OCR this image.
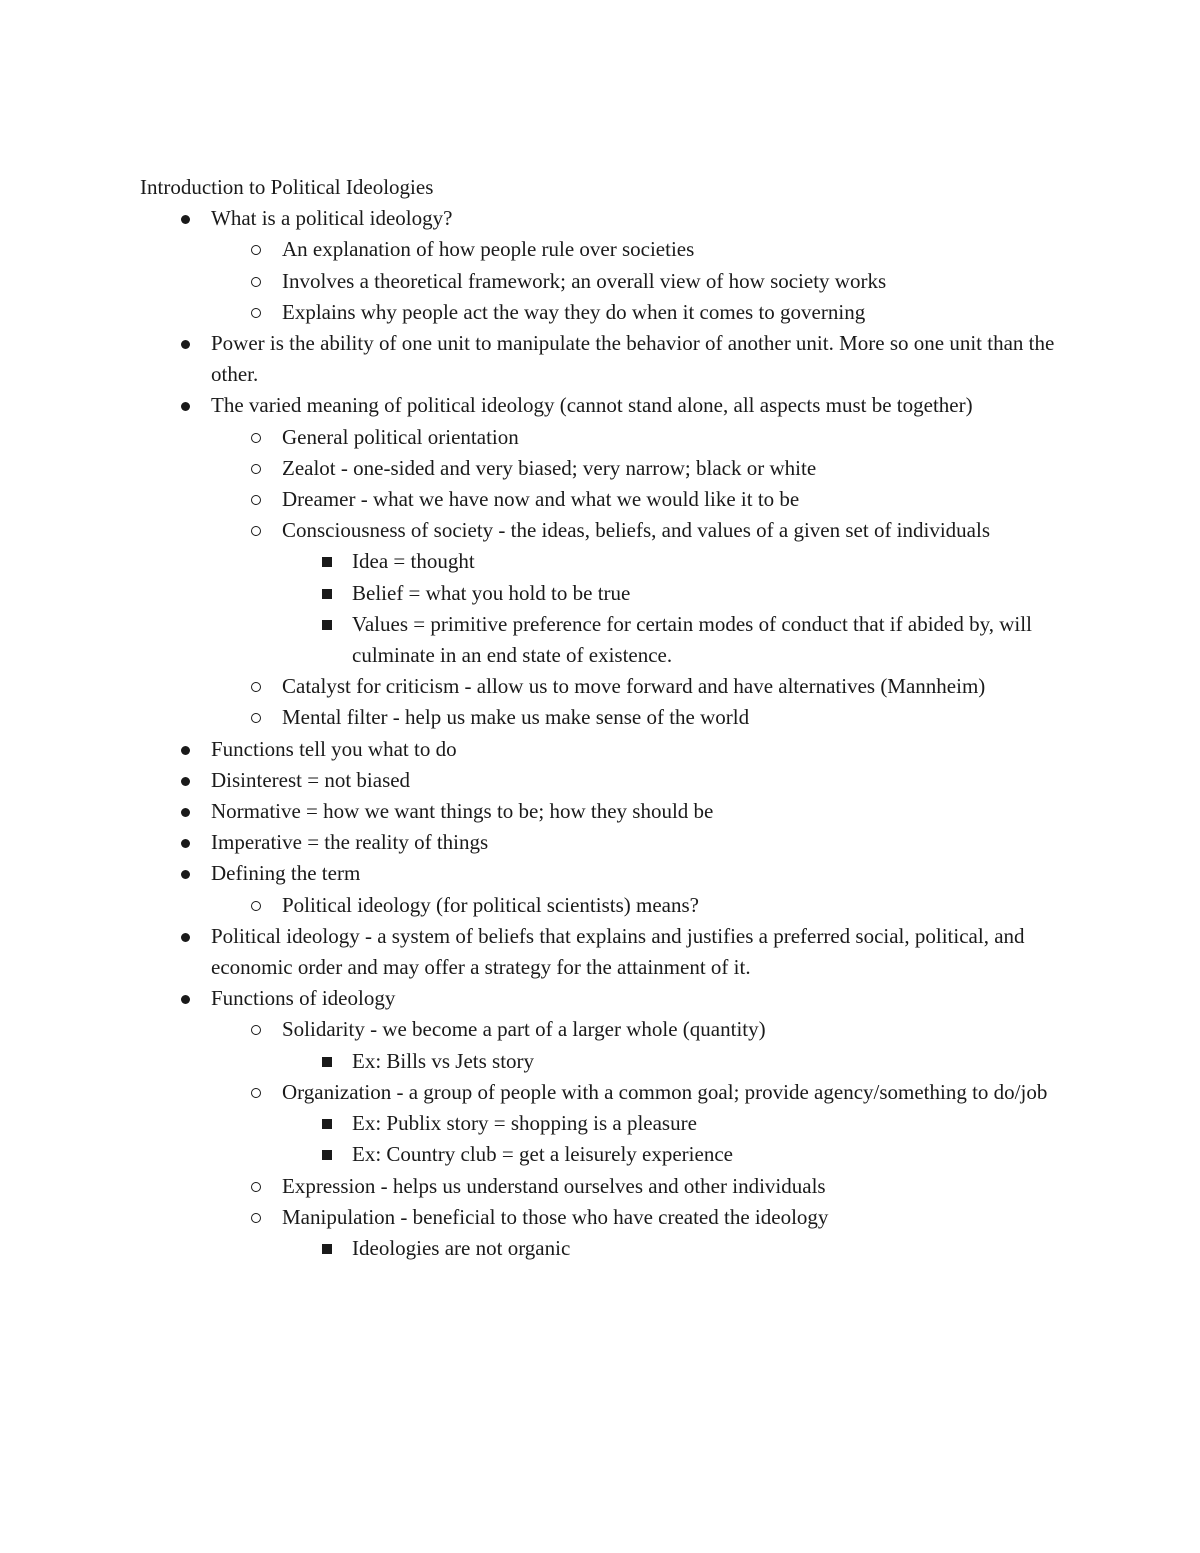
Introduction to Political Ideologies
What is a political ideology?
An explanation of how people rule over societies
Involves a theoretical framework; an overall view of how society works
Explains why people act the way they do when it comes to governing
Power is the ability of one unit to manipulate the behavior of another unit. More so one unit than the other.
The varied meaning of political ideology (cannot stand alone, all aspects must be together)
General political orientation
Zealot - one-sided and very biased; very narrow; black or white
Dreamer - what we have now and what we would like it to be
Consciousness of society - the ideas, beliefs, and values of a given set of individuals
Idea = thought
Belief = what you hold to be true
Values = primitive preference for certain modes of conduct that if abided by, will culminate in an end state of existence.
Catalyst for criticism - allow us to move forward and have alternatives (Mannheim)
Mental filter - help us make us make sense of the world
Functions tell you what to do
Disinterest = not biased
Normative = how we want things to be; how they should be
Imperative = the reality of things
Defining the term
Political ideology (for political scientists) means?
Political ideology - a system of beliefs that explains and justifies a preferred social, political, and economic order and may offer a strategy for the attainment of it.
Functions of ideology
Solidarity - we become a part of a larger whole (quantity)
Ex: Bills vs Jets story
Organization - a group of people with a common goal; provide agency/something to do/job
Ex: Publix story = shopping is a pleasure
Ex: Country club = get a leisurely experience
Expression - helps us understand ourselves and other individuals
Manipulation - beneficial to those who have created the ideology
Ideologies are not organic
